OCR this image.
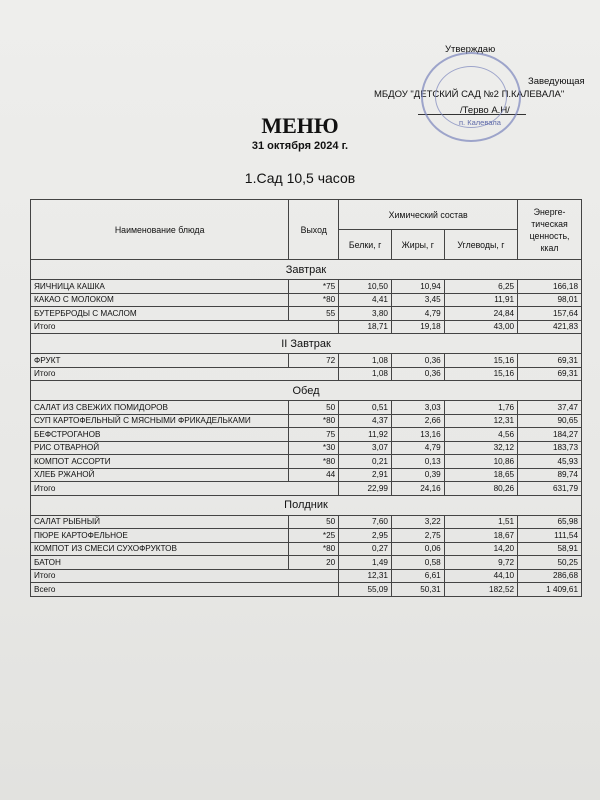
Утверждаю
Заведующая
МБДОУ "ДЕТСКИЙ САД №2 П.КАЛЕВАЛА"
/Терво А.Н/
п. Калевала
МЕНЮ
31 октября 2024 г.
1.Сад 10,5 часов
Наименование блюда	Выход	Химический состав			Энерге-
тическая
ценность,
ккал
		Белки, г	Жиры, г	Углеводы, г	
Завтрак					
ЯИЧНИЦА КАШКА	*75	10,50	10,94	6,25	166,18
КАКАО С МОЛОКОМ	*80	4,41	3,45	11,91	98,01
БУТЕРБРОДЫ С МАСЛОМ	55	3,80	4,79	24,84	157,64
Итого		18,71	19,18	43,00	421,83
II Завтрак					
ФРУКТ	72	1,08	0,36	15,16	69,31
Итого		1,08	0,36	15,16	69,31
Обед					
САЛАТ ИЗ СВЕЖИХ ПОМИДОРОВ	50	0,51	3,03	1,76	37,47
СУП КАРТОФЕЛЬНЫЙ С МЯСНЫМИ ФРИКАДЕЛЬКАМИ	*80	4,37	2,66	12,31	90,65
БЕФСТРОГАНОВ	75	11,92	13,16	4,56	184,27
РИС ОТВАРНОЙ	*30	3,07	4,79	32,12	183,73
КОМПОТ АССОРТИ	*80	0,21	0,13	10,86	45,93
ХЛЕБ РЖАНОЙ	44	2,91	0,39	18,65	89,74
Итого		22,99	24,16	80,26	631,79
Полдник					
САЛАТ РЫБНЫЙ	50	7,60	3,22	1,51	65,98
ПЮРЕ КАРТОФЕЛЬНОЕ	*25	2,95	2,75	18,67	111,54
КОМПОТ ИЗ СМЕСИ СУХОФРУКТОВ	*80	0,27	0,06	14,20	58,91
БАТОН	20	1,49	0,58	9,72	50,25
Итого		12,31	6,61	44,10	286,68
Всего		55,09	50,31	182,52	1 409,61
